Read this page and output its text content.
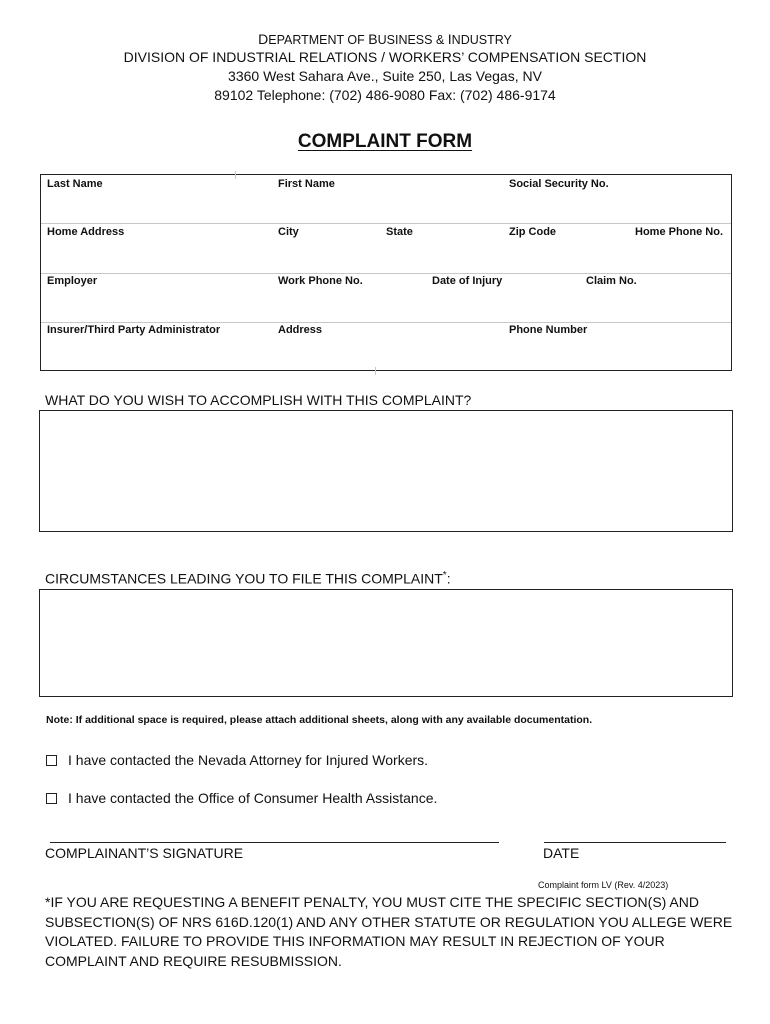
DEPARTMENT OF BUSINESS & INDUSTRY
DIVISION OF INDUSTRIAL RELATIONS / WORKERS’ COMPENSATION SECTION
3360 West Sahara Ave., Suite 250, Las Vegas, NV
89102 Telephone: (702) 486-9080 Fax: (702) 486-9174
COMPLAINT FORM
Last Name	First Name	Social Security No.
Home Address	City	State	Zip Code	Home Phone No.
Employer	Work Phone No.	Date of Injury	Claim No.
Insurer/Third Party Administrator	Address	Phone Number
WHAT DO YOU WISH TO ACCOMPLISH WITH THIS COMPLAINT?
CIRCUMSTANCES LEADING YOU TO FILE THIS COMPLAINT*:
Note: If additional space is required, please attach additional sheets, along with any available documentation.
I have contacted the Nevada Attorney for Injured Workers.
I have contacted the Office of Consumer Health Assistance.
COMPLAINANT’S SIGNATURE	DATE
Complaint form LV (Rev. 4/2023)
*IF YOU ARE REQUESTING A BENEFIT PENALTY, YOU MUST CITE THE SPECIFIC SECTION(S) AND SUBSECTION(S) OF NRS 616D.120(1) AND ANY OTHER STATUTE OR REGULATION YOU ALLEGE WERE VIOLATED. FAILURE TO PROVIDE THIS INFORMATION MAY RESULT IN REJECTION OF YOUR COMPLAINT AND REQUIRE RESUBMISSION.
